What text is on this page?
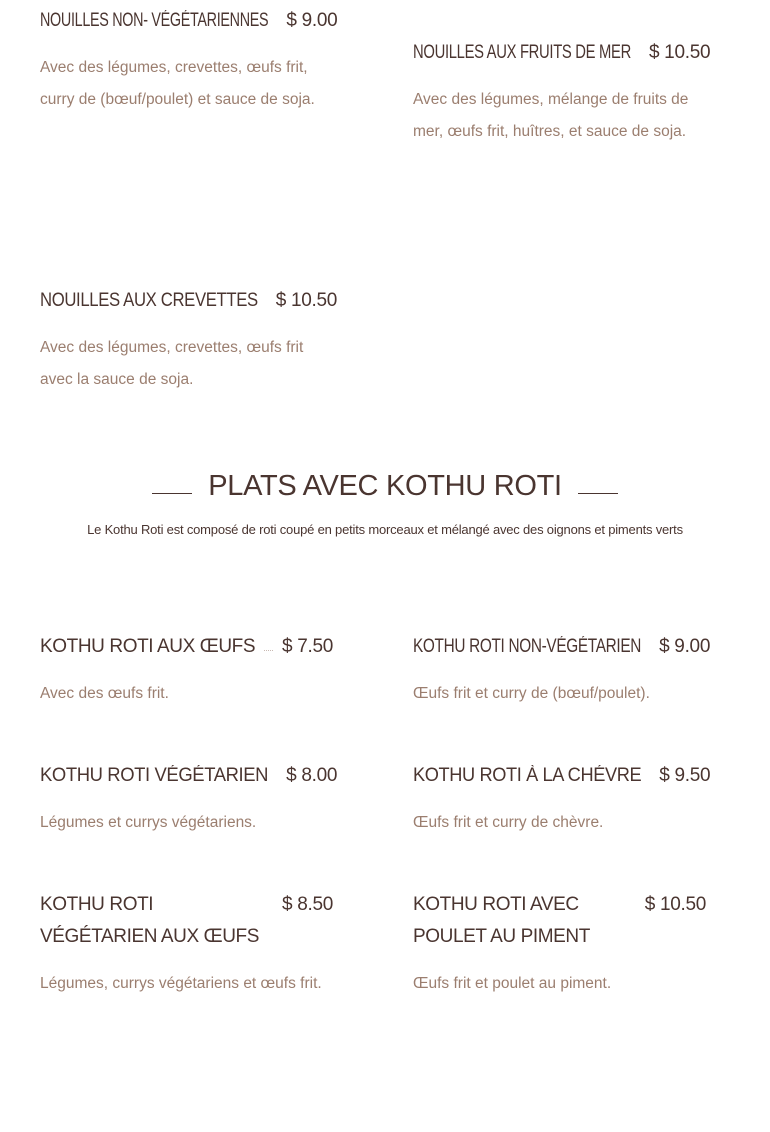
NOUILLES NON- VÉGÉTARIENNES $ 9.00
Avec des légumes, crevettes, œufs frit, curry de (bœuf/poulet) et sauce de soja.
NOUILLES AUX FRUITS DE MER $ 10.50
Avec des légumes, mélange de fruits de mer, œufs frit, huîtres, et sauce de soja.
NOUILLES AUX CREVETTES $ 10.50
Avec des légumes, crevettes, œufs frit avec la sauce de soja.
PLATS AVEC KOTHU ROTI
Le Kothu Roti est composé de roti coupé en petits morceaux et mélangé avec des oignons et piments verts
KOTHU ROTI AUX ŒUFS $ 7.50
Avec des œufs frit.
KOTHU ROTI NON-VÉGÉTARIEN $ 9.00
Œufs frit et curry de (bœuf/poulet).
KOTHU ROTI VÉGÉTARIEN $ 8.00
Légumes et currys végétariens.
KOTHU ROTI À LA CHÉVRE $ 9.50
Œufs frit et curry de chèvre.
KOTHU ROTI VÉGÉTARIEN AUX ŒUFS
$ 8.50
Légumes, currys végétariens et œufs frit.
KOTHU ROTI AVEC POULET AU PIMENT
$ 10.50
Œufs frit et poulet au piment.
